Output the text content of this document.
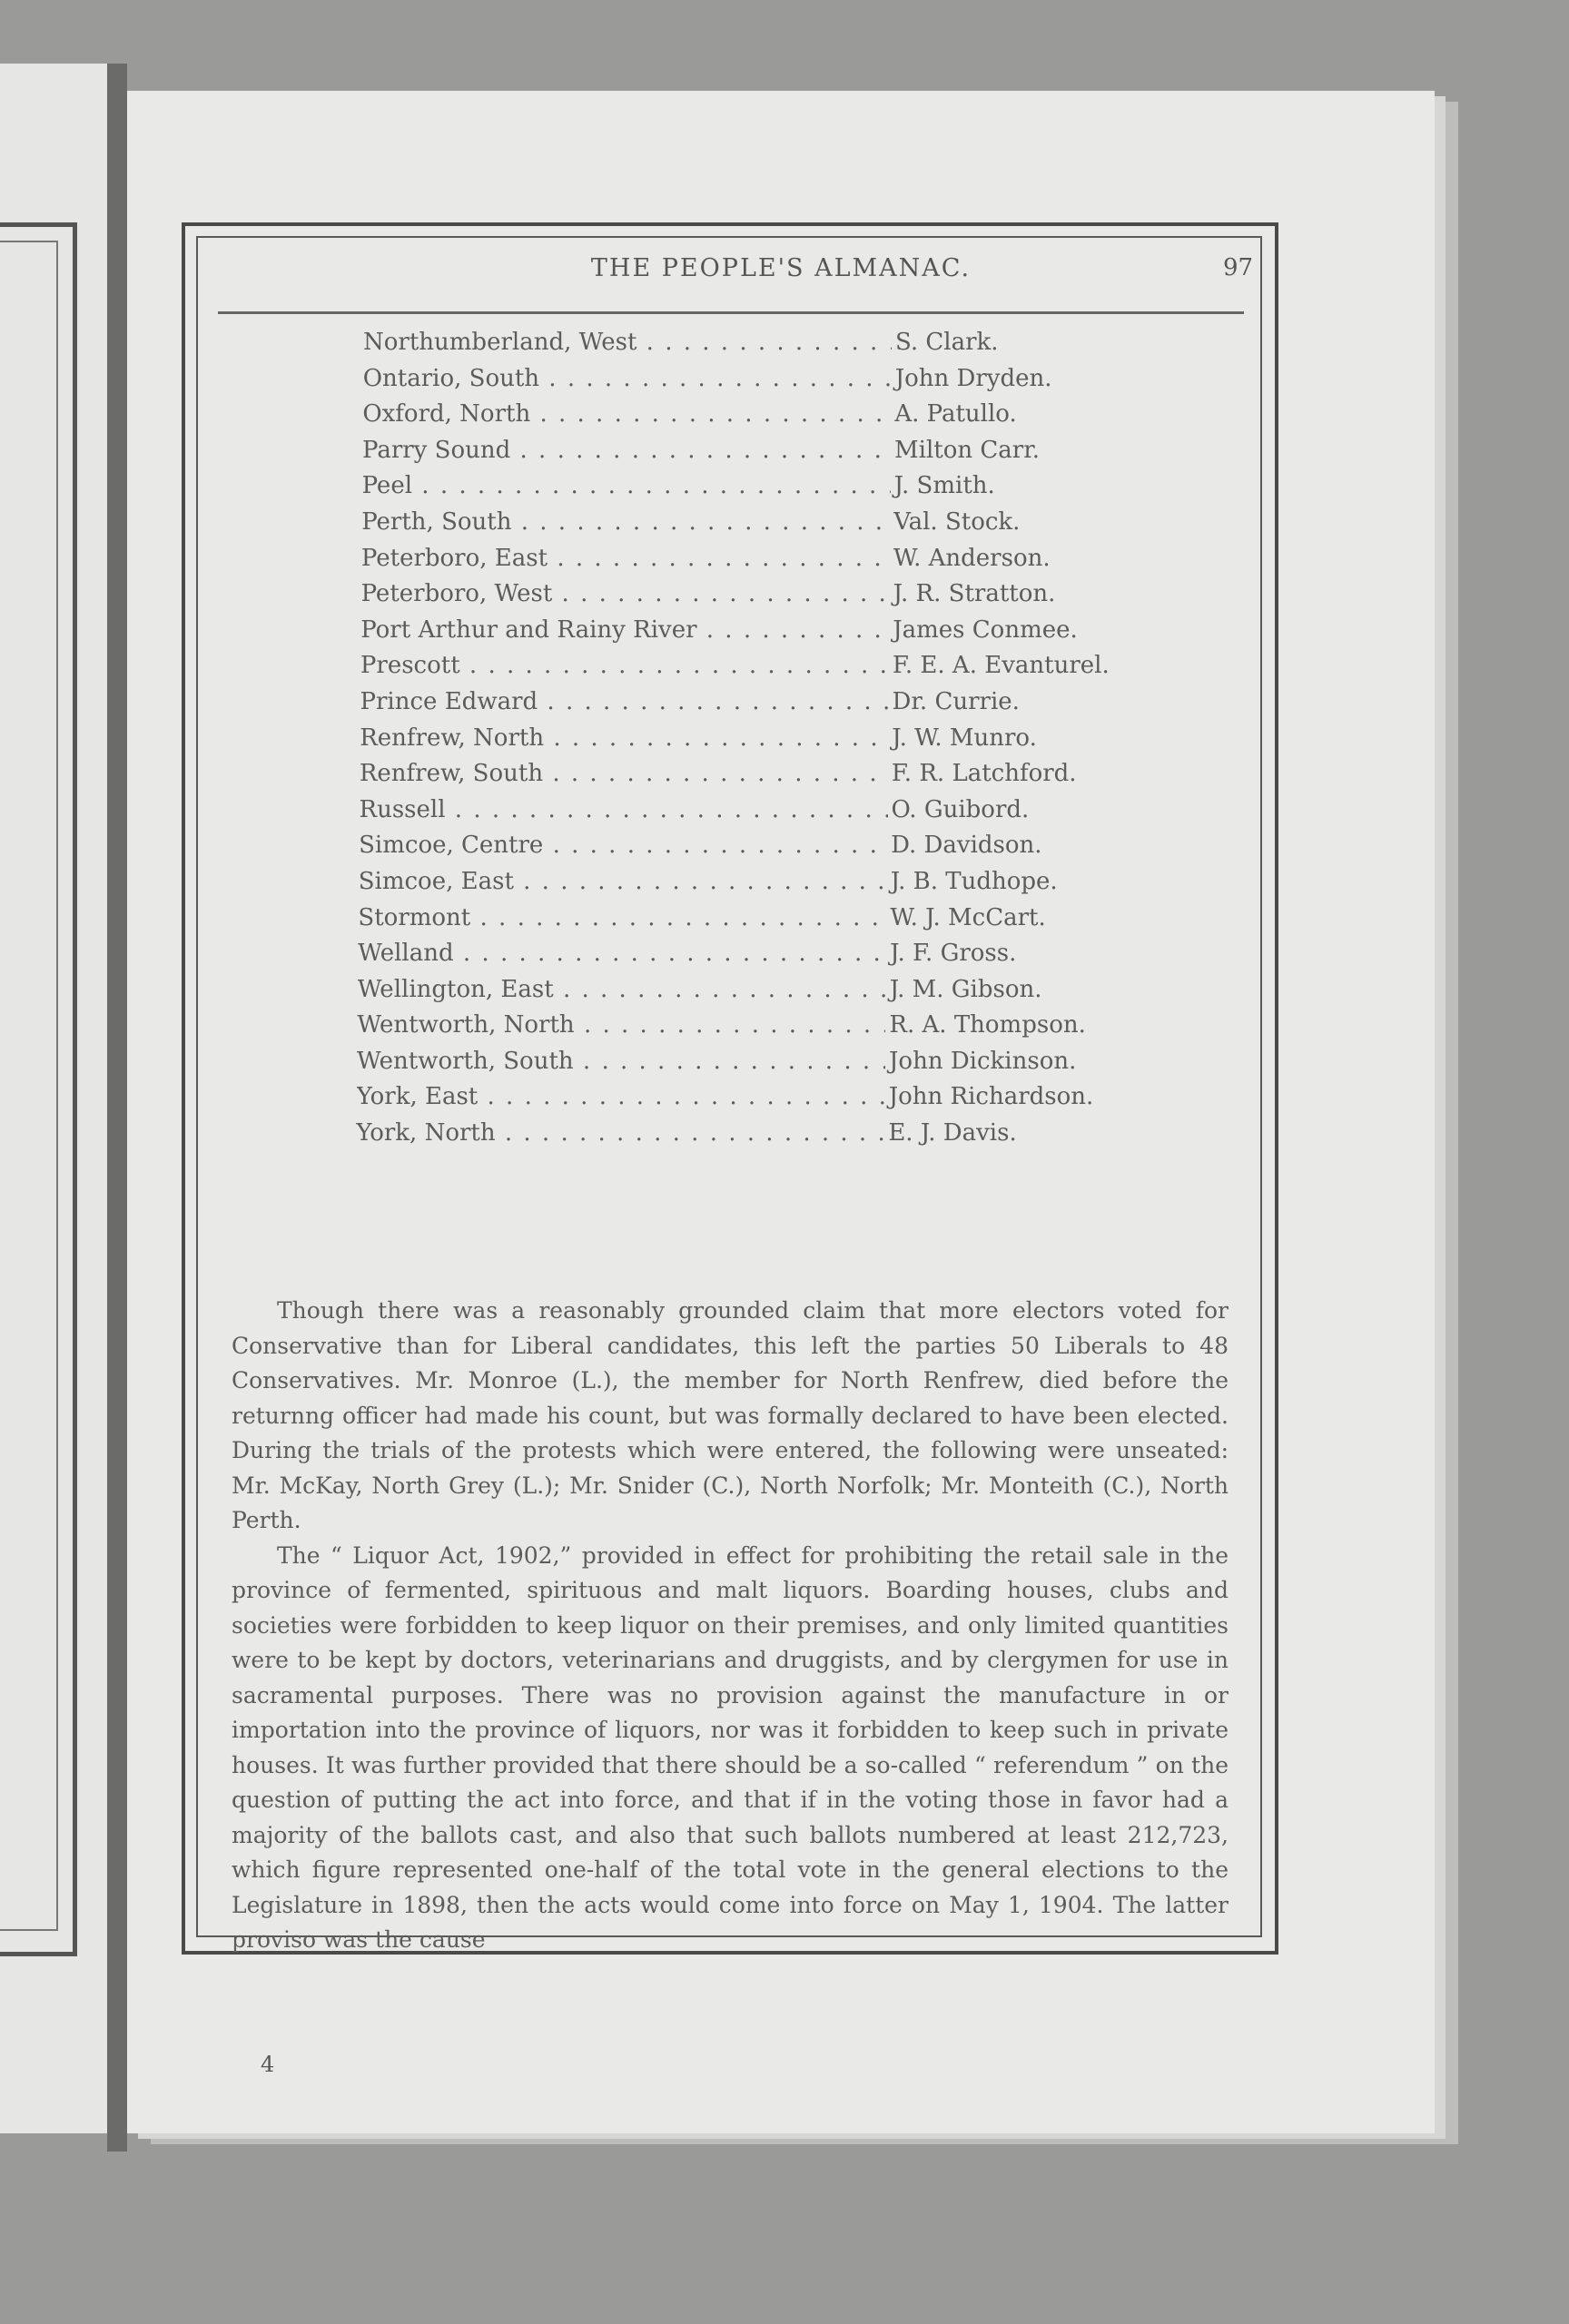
THE PEOPLE'S ALMANAC.	97
Northumberland, West . . .	S. Clark.
Ontario, South . . .	John Dryden.
Oxford, North . . .	A. Patullo.
Parry Sound . . .	Milton Carr.
Peel . . .	J. Smith.
Perth, South . . .	Val. Stock.
Peterboro, East . . .	W. Anderson.
Peterboro, West . . .	J. R. Stratton.
Port Arthur and Rainy River . . .	James Conmee.
Prescott . . .	F. E. A. Evanturel.
Prince Edward . . .	Dr. Currie.
Renfrew, North . . .	J. W. Munro.
Renfrew, South . . .	F. R. Latchford.
Russell . . .	O. Guibord.
Simcoe, Centre . . .	D. Davidson.
Simcoe, East . . .	J. B. Tudhope.
Stormont . . .	W. J. McCart.
Welland . . .	J. F. Gross.
Wellington, East . . .	J. M. Gibson.
Wentworth, North . . .	R. A. Thompson.
Wentworth, South . . .	John Dickinson.
York, East . . .	John Richardson.
York, North . . .	E. J. Davis.

Though there was a reasonably grounded claim that more electors voted for Conservative than for Liberal candidates, this left the parties 50 Liberals to 48 Conservatives. Mr. Monroe (L.), the member for North Renfrew, died before the returnng officer had made his count, but was formally declared to have been elected. During the trials of the protests which were entered, the following were unseated: Mr. McKay, North Grey (L.); Mr. Snider (C.), North Norfolk; Mr. Monteith (C.), North Perth.

The “ Liquor Act, 1902,” provided in effect for prohibiting the retail sale in the province of fermented, spirituous and malt liquors. Boarding houses, clubs and societies were forbidden to keep liquor on their premises, and only limited quantities were to be kept by doctors, veterinarians and druggists, and by clergymen for use in sacramental purposes. There was no provision against the manufacture in or importation into the province of liquors, nor was it forbidden to keep such in private houses. It was further provided that there should be a so-called “ referendum ” on the question of putting the act into force, and that if in the voting those in favor had a majority of the ballots cast, and also that such ballots numbered at least 212,723, which figure represented one-half of the total vote in the general elections to the Legislature in 1898, then the acts would come into force on May 1, 1904. The latter proviso was the cause

4
